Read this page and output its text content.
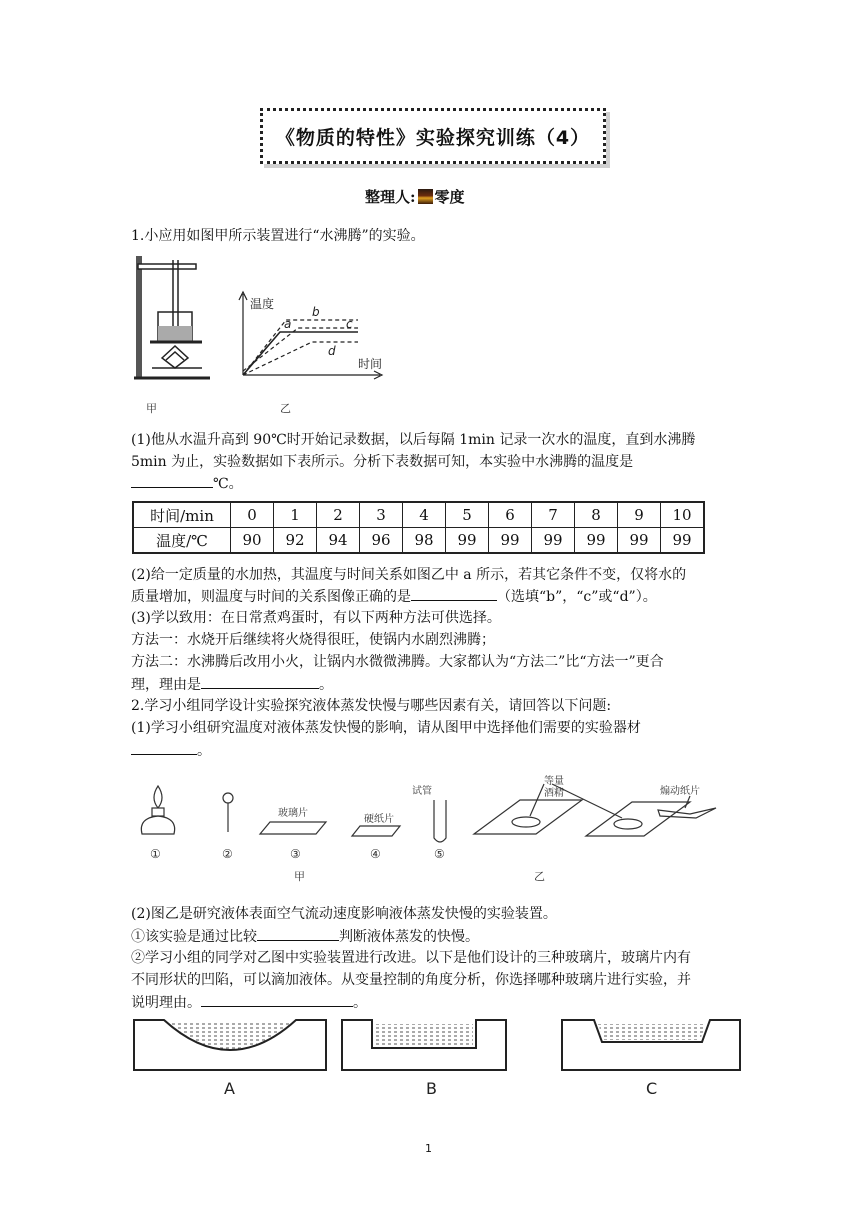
《物质的特性》实验探究训练（4）
整理人: 零度
1.小应用如图甲所示装置进行“水沸腾”的实验。
温度
时间
a
b
c
d
甲	乙
(1)他从水温升高到 90℃时开始记录数据，以后每隔 1min 记录一次水的温度，直到水沸腾
5min 为止，实验数据如下表所示。分析下表数据可知，本实验中水沸腾的温度是
℃。
时间/min	0	1	2	3	4	5	6	7	8	9	10
温度/℃	90	92	94	96	98	99	99	99	99	99	99
(2)给一定质量的水加热，其温度与时间关系如图乙中 a 所示，若其它条件不变，仅将水的
质量增加，则温度与时间的关系图像正确的是	（选填“b”，“c”或“d”）。
(3)学以致用：在日常煮鸡蛋时，有以下两种方法可供选择。
方法一：水烧开后继续将火烧得很旺，使锅内水剧烈沸腾；
方法二：水沸腾后改用小火，让锅内水微微沸腾。大家都认为“方法二”比“方法一”更合
理，理由是	。
2.学习小组同学设计实验探究液体蒸发快慢与哪些因素有关，请回答以下问题:
(1)学习小组研究温度对液体蒸发快慢的影响，请从图甲中选择他们需要的实验器材
。
①	②	③	④	⑤
玻璃片
硬纸片
试管
等量 酒精	煽动纸片
甲	乙
(2)图乙是研究液体表面空气流动速度影响液体蒸发快慢的实验装置。
①该实验是通过比较	判断液体蒸发的快慢。
②学习小组的同学对乙图中实验装置进行改进。以下是他们设计的三种玻璃片，玻璃片内有
不同形状的凹陷，可以滴加液体。从变量控制的角度分析，你选择哪种玻璃片进行实验，并
说明理由。	。
A	B	C
1
